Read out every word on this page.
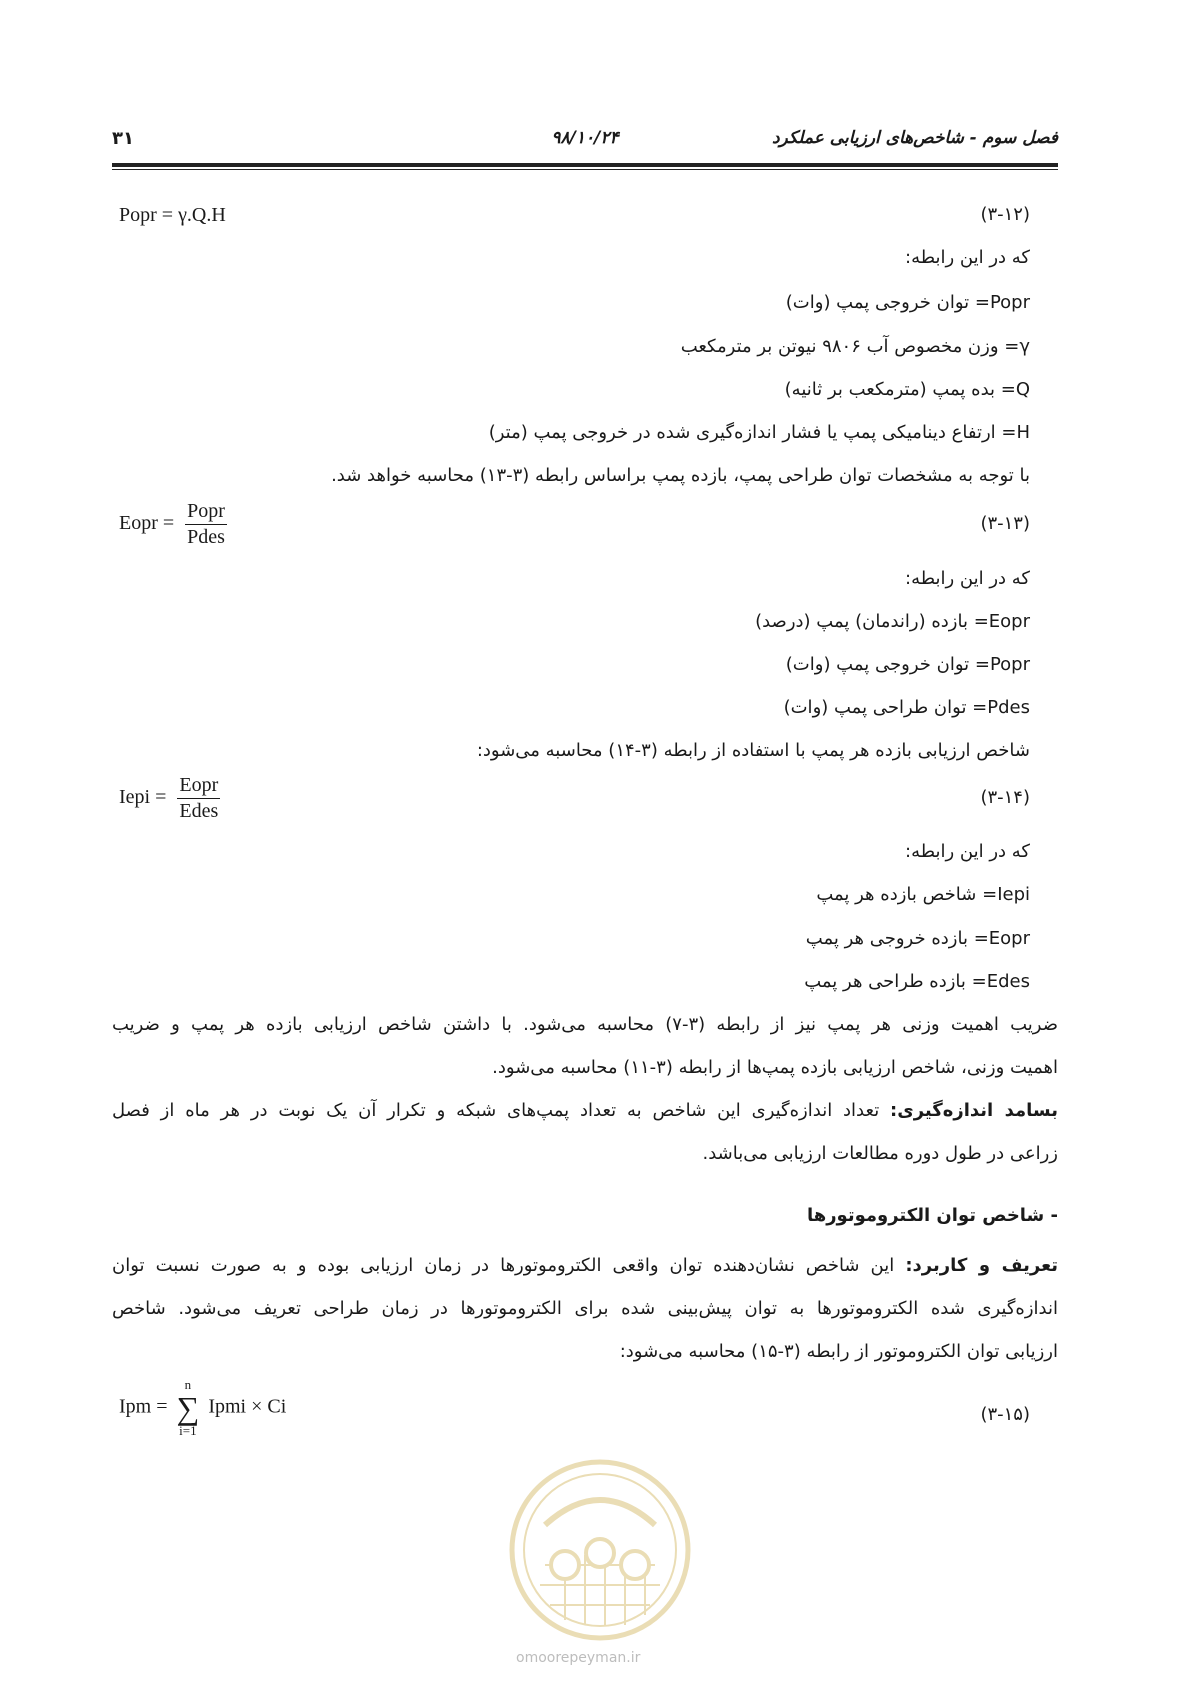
فصل سوم - شاخص‌های ارزیابی عملکرد
۹۸/۱۰/۲۴
۳۱
Popr = γ.Q.H	(۳-۱۲)
که در این رابطه:
Popr= توان خروجی پمپ (وات)
γ= وزن مخصوص آب ۹۸۰۶ نیوتن بر مترمکعب
Q= بده پمپ (مترمکعب بر ثانیه)
H= ارتفاع دینامیکی پمپ یا فشار اندازه‌گیری شده در خروجی پمپ (متر)
با توجه به مشخصات توان طراحی پمپ، بازده پمپ براساس رابطه (۳-۱۳) محاسبه خواهد شد.
Eopr = $\frac{\text{Popr}}{\text{Pdes}}$	(۳-۱۳)
که در این رابطه:
Eopr= بازده (راندمان) پمپ (درصد)
Popr= توان خروجی پمپ (وات)
Pdes= توان طراحی پمپ (وات)
شاخص ارزیابی بازده هر پمپ با استفاده از رابطه (۳-۱۴) محاسبه می‌شود:
Iepi = $\frac{\text{Eopr}}{\text{Edes}}$	(۳-۱۴)
که در این رابطه:
Iepi= شاخص بازده هر پمپ
Eopr= بازده خروجی هر پمپ
Edes= بازده طراحی هر پمپ
ضریب اهمیت وزنی هر پمپ نیز از رابطه (۳-۷) محاسبه می‌شود. با داشتن شاخص ارزیابی بازده هر پمپ و ضریب
اهمیت وزنی، شاخص ارزیابی بازده پمپ‌ها از رابطه (۳-۱۱) محاسبه می‌شود.
بسامد اندازه‌گیری: تعداد اندازه‌گیری این شاخص به تعداد پمپ‌های شبکه و تکرار آن یک نوبت در هر ماه از فصل
زراعی در طول دوره مطالعات ارزیابی می‌باشد.
- شاخص توان الکتروموتورها
تعریف و کاربرد: این شاخص نشان‌دهنده توان واقعی الکتروموتورها در زمان ارزیابی بوده و به صورت نسبت توان
اندازه‌گیری شده الکتروموتورها به توان پیش‌بینی شده برای الکتروموتورها در زمان طراحی تعریف می‌شود. شاخص
ارزیابی توان الکتروموتور از رابطه (۳-۱۵) محاسبه می‌شود:
Ipm = n
∑
i=1 Ipmi × Ci	(۳-۱۵)
omoorepeyman.ir
